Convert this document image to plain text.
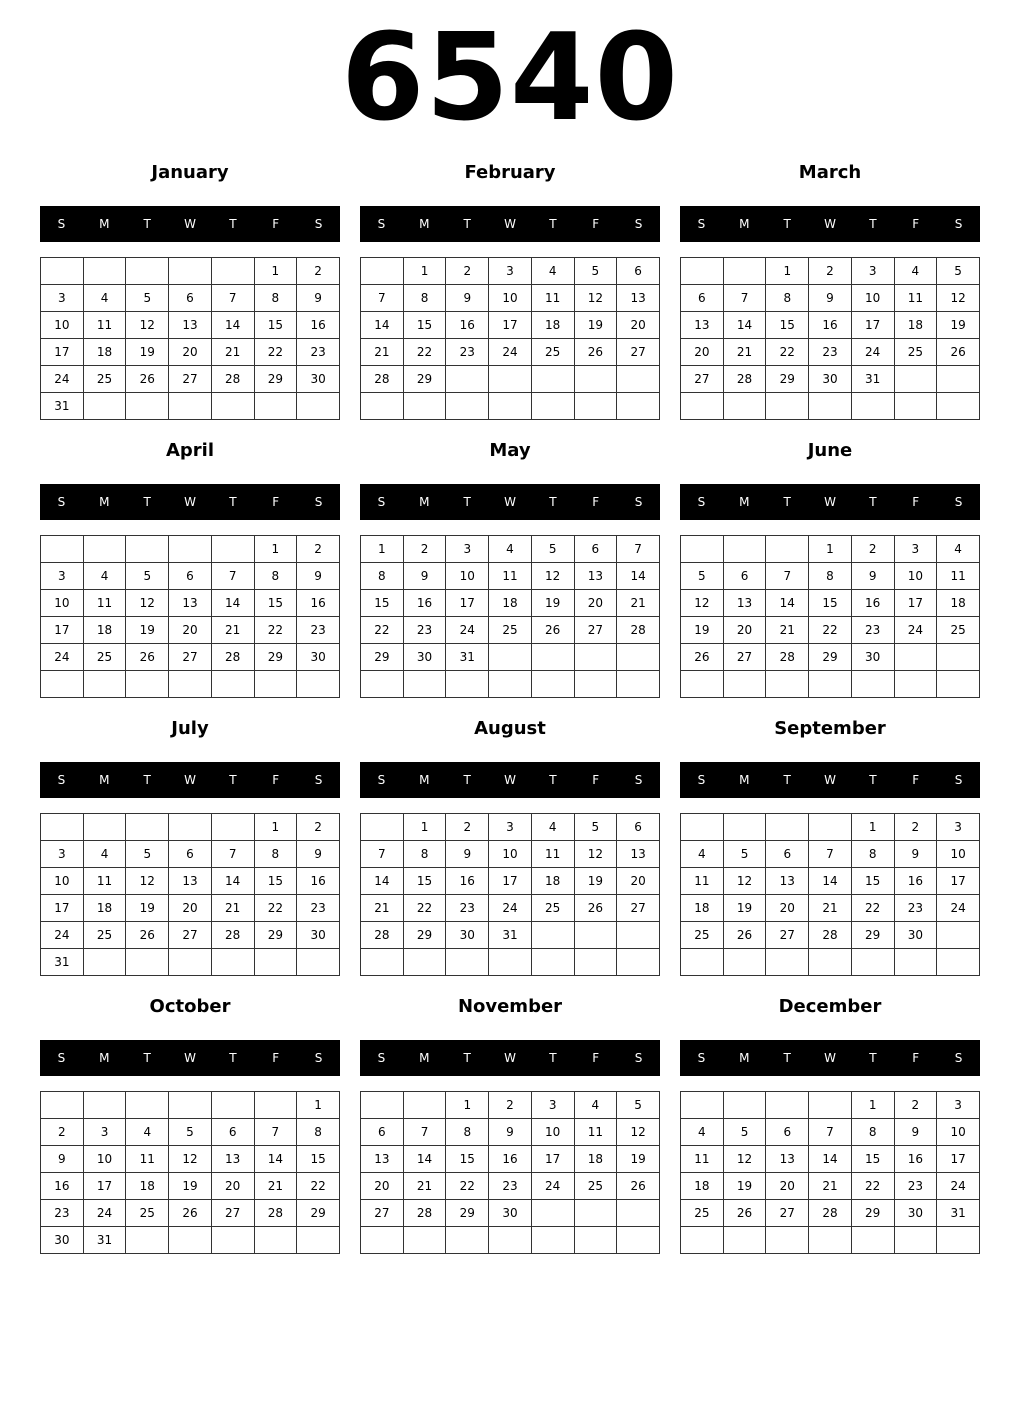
6540
January
S	M	T	W	T	F	S
					1	2
3	4	5	6	7	8	9
10	11	12	13	14	15	16
17	18	19	20	21	22	23
24	25	26	27	28	29	30
31						
February
S	M	T	W	T	F	S
	1	2	3	4	5	6
7	8	9	10	11	12	13
14	15	16	17	18	19	20
21	22	23	24	25	26	27
28	29					

March
S	M	T	W	T	F	S
		1	2	3	4	5
6	7	8	9	10	11	12
13	14	15	16	17	18	19
20	21	22	23	24	25	26
27	28	29	30	31		

April
S	M	T	W	T	F	S
					1	2
3	4	5	6	7	8	9
10	11	12	13	14	15	16
17	18	19	20	21	22	23
24	25	26	27	28	29	30

May
S	M	T	W	T	F	S
1	2	3	4	5	6	7
8	9	10	11	12	13	14
15	16	17	18	19	20	21
22	23	24	25	26	27	28
29	30	31				

June
S	M	T	W	T	F	S
			1	2	3	4
5	6	7	8	9	10	11
12	13	14	15	16	17	18
19	20	21	22	23	24	25
26	27	28	29	30		

July
S	M	T	W	T	F	S
					1	2
3	4	5	6	7	8	9
10	11	12	13	14	15	16
17	18	19	20	21	22	23
24	25	26	27	28	29	30
31						
August
S	M	T	W	T	F	S
	1	2	3	4	5	6
7	8	9	10	11	12	13
14	15	16	17	18	19	20
21	22	23	24	25	26	27
28	29	30	31			

September
S	M	T	W	T	F	S
				1	2	3
4	5	6	7	8	9	10
11	12	13	14	15	16	17
18	19	20	21	22	23	24
25	26	27	28	29	30	

October
S	M	T	W	T	F	S
						1
2	3	4	5	6	7	8
9	10	11	12	13	14	15
16	17	18	19	20	21	22
23	24	25	26	27	28	29
30	31					
November
S	M	T	W	T	F	S
		1	2	3	4	5
6	7	8	9	10	11	12
13	14	15	16	17	18	19
20	21	22	23	24	25	26
27	28	29	30			

December
S	M	T	W	T	F	S
				1	2	3
4	5	6	7	8	9	10
11	12	13	14	15	16	17
18	19	20	21	22	23	24
25	26	27	28	29	30	31
